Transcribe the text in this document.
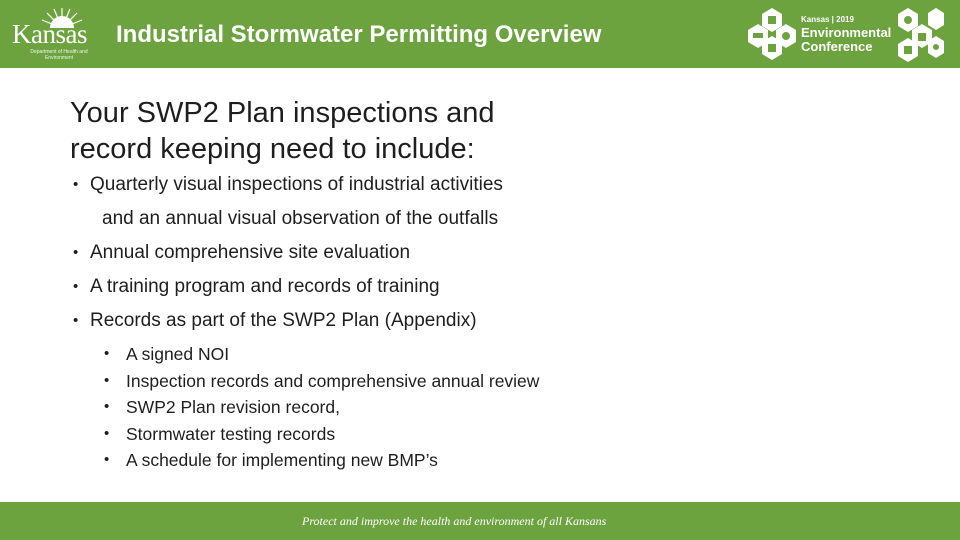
Kansas
Department of Health and Environment
Industrial Stormwater Permitting Overview
Kansas | 2019
Environmental
Conference
Your SWP2 Plan inspections and
record keeping need to include:
• Quarterly visual inspections of industrial activities
and an annual visual observation of the outfalls
• Annual comprehensive site evaluation
• A training program and records of training
• Records as part of the SWP2 Plan (Appendix)
• A signed NOI
• Inspection records and comprehensive annual review
• SWP2 Plan revision record,
• Stormwater testing records
• A schedule for implementing new BMP’s
Protect and improve the health and environment of all Kansans
